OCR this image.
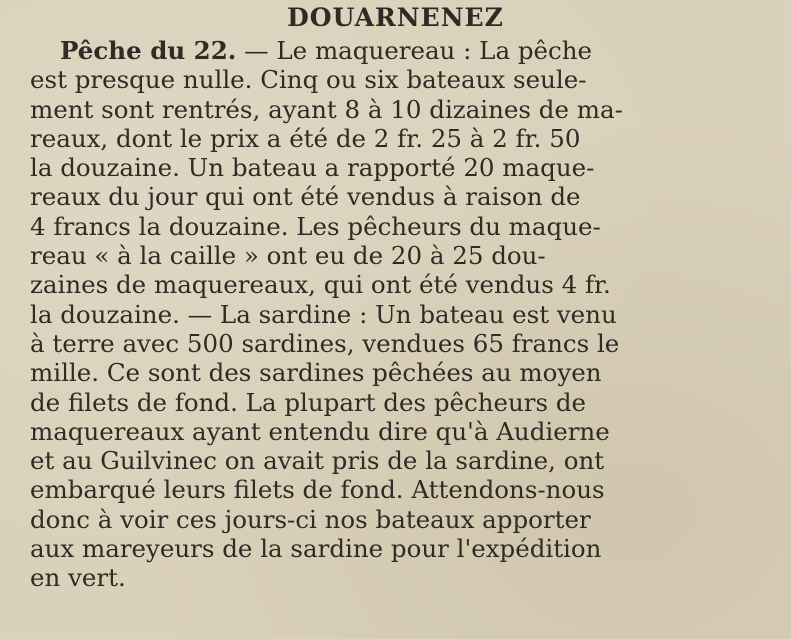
DOUARNENEZ
Pêche du 22. — Le maquereau : La pêche
est presque nulle. Cinq ou six bateaux seule-
ment sont rentrés, ayant 8 à 10 dizaines de ma-
reaux, dont le prix a été de 2 fr. 25 à 2 fr. 50
la douzaine. Un bateau a rapporté 20 maque-
reaux du jour qui ont été vendus à raison de
4 francs la douzaine. Les pêcheurs du maque-
reau « à la caille » ont eu de 20 à 25 dou-
zaines de maquereaux, qui ont été vendus 4 fr.
la douzaine. — La sardine : Un bateau est venu
à terre avec 500 sardines, vendues 65 francs le
mille. Ce sont des sardines pêchées au moyen
de filets de fond. La plupart des pêcheurs de
maquereaux ayant entendu dire qu'à Audierne
et au Guilvinec on avait pris de la sardine, ont
embarqué leurs filets de fond. Attendons-nous
donc à voir ces jours-ci nos bateaux apporter
aux mareyeurs de la sardine pour l'expédition
en vert.
